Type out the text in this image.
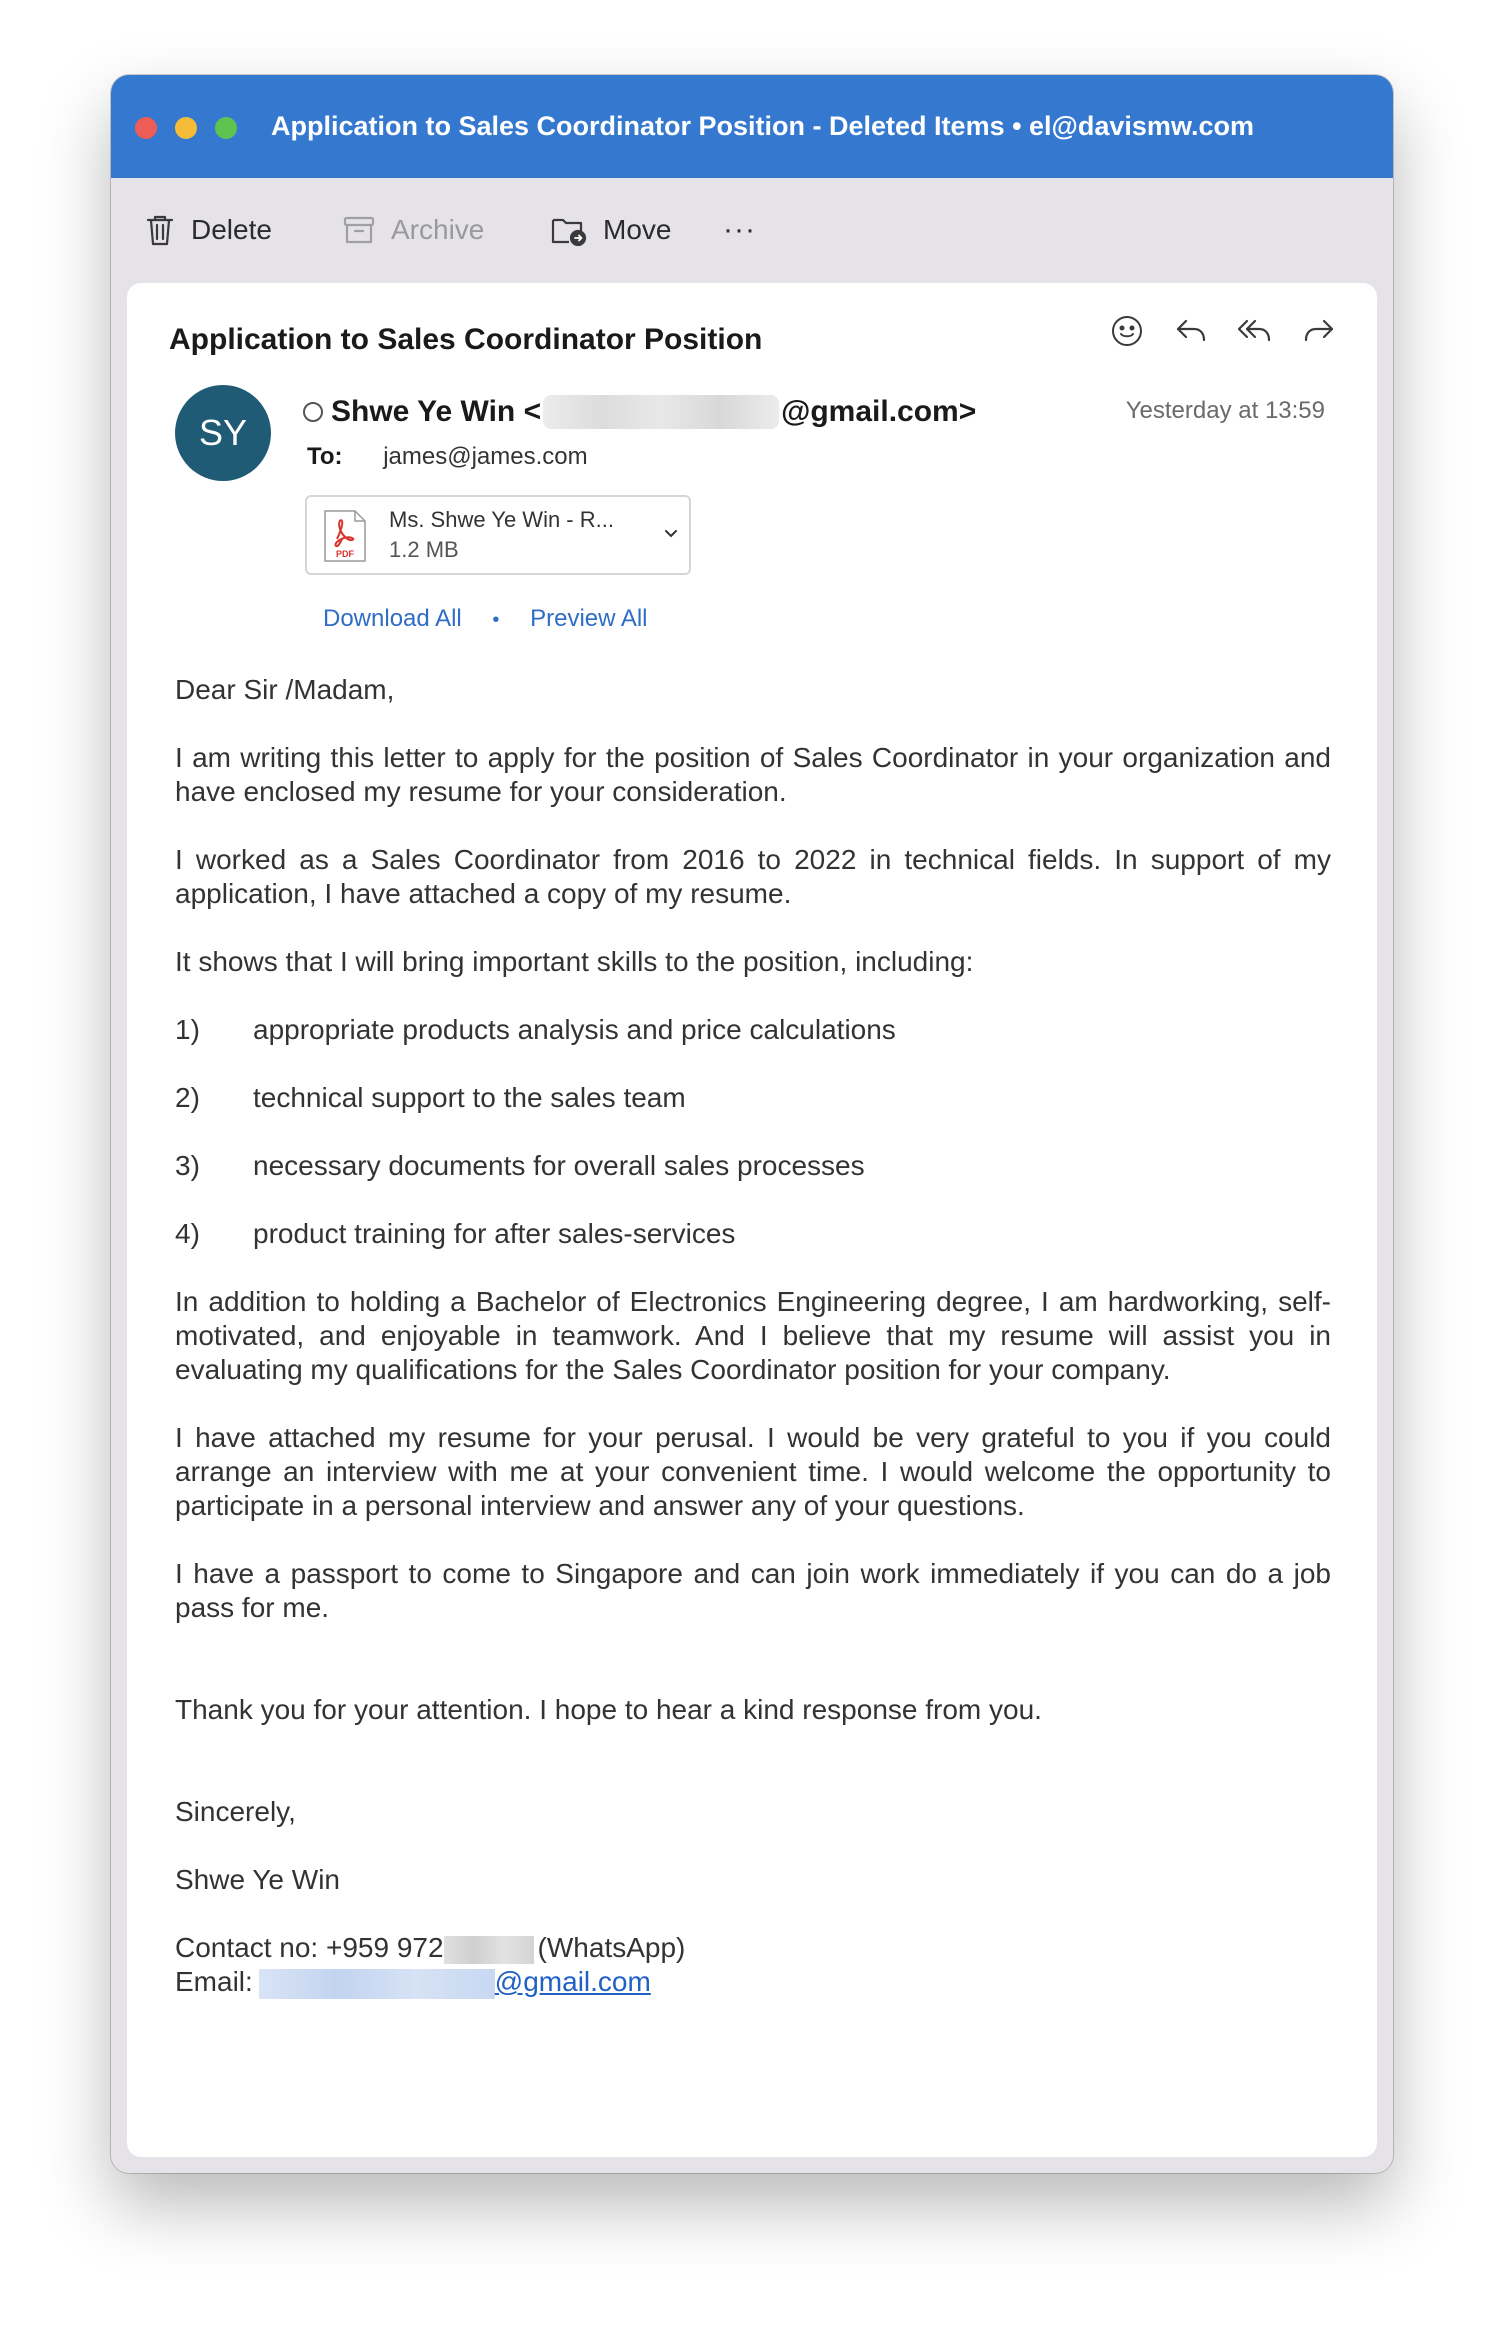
Application to Sales Coordinator Position - Deleted Items • el@davismw.com
Delete	Archive	Move ···
Application to Sales Coordinator Position
SY
Shwe Ye Win <	@gmail.com>	Yesterday at 13:59
To: james@james.com
PDF
Ms. Shwe Ye Win - R...
1.2 MB
Download All • Preview All

Dear Sir /Madam,

I am writing this letter to apply for the position of Sales Coordinator in your organization and have enclosed my resume for your consideration.

I worked as a Sales Coordinator from 2016 to 2022 in technical fields. In support of my application, I have attached a copy of my resume.

It shows that I will bring important skills to the position, including:

1)	appropriate products analysis and price calculations
2)	technical support to the sales team
3)	necessary documents for overall sales processes
4)	product training for after sales-services

In addition to holding a Bachelor of Electronics Engineering degree, I am hardworking, self-motivated, and enjoyable in teamwork. And I believe that my resume will assist you in evaluating my qualifications for the Sales Coordinator position for your company.

I have attached my resume for your perusal. I would be very grateful to you if you could arrange an interview with me at your convenient time. I would welcome the opportunity to participate in a personal interview and answer any of your questions.

I have a passport to come to Singapore and can join work immediately if you can do a job pass for me.

Thank you for your attention. I hope to hear a kind response from you.

Sincerely,

Shwe Ye Win

Contact no: +959 972	(WhatsApp)
Email:	@gmail.com
